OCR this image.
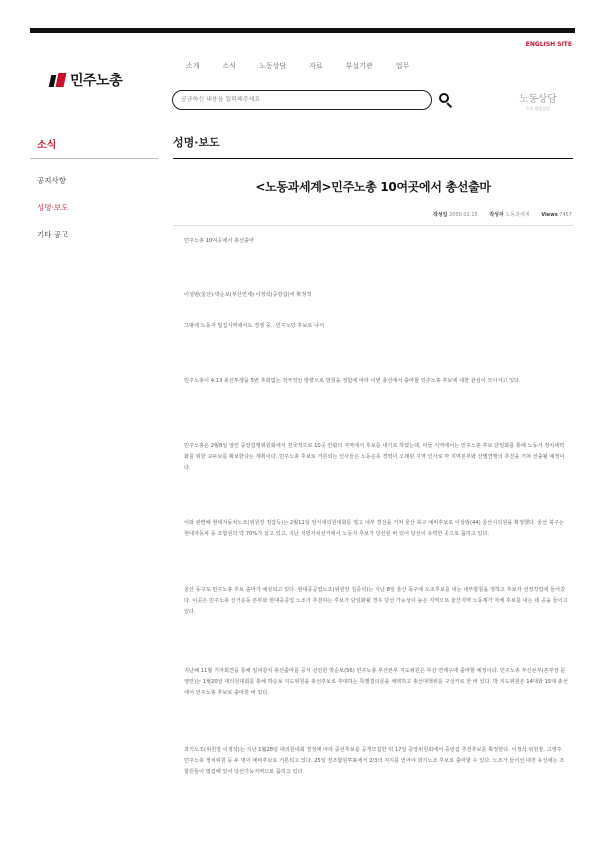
ENGLISH SITE
민주노총
소개	소식	노동상담	자료	부설기관	업무
궁금하신 내용을 입력해주세요
노동상담
무료 법률상담
소식
공지사항
성명·보도
기타 공고
성명·보도
<노동과세계>민주노총 10여곳에서 총선출마
작성일 2000.02.15 작성자 노동과세계 Views 7457

민주노총 10여곳에서 총선출마

이성범(울산)·박순보(부산연제)·이정석(중랑갑)씨 확정적

그밖에 노동자 밀집지역에서도 경쟁 중...민주노당 후보로 나서

민주노총이 4.13 총선투쟁을 5번 후회없는 적극적인 방향으로 방침을 정함에 따라 이번 총선에서 출마할 민주노총 후보에 대한 관심이 모아지고 있다.

민주노총은 2월8일 열린 중앙집행위원회에서 전국적으로 10곳 안팎의 지역에서 후보를 내기로 하였는데, 이들 지역에서는 민주노총 후보 단일화를 통해 노동자 정치세력화를 위한 교두보를 확보한다는 계획이다. 민주노총 후보로 거론되는 인사들은 노동운동 경력이 오래된 지역 인사로 각 지역본부와 산별연맹의 추천을 거쳐 선출될 예정이다.

이와 관련해 현대자동차노조(위원장 정갑득)는 2월11일 임시대의원대회를 열고 내부 경선을 거쳐 울산 북구 예비후보로 이상범(44) 울산시의원을 확정했다. 울산 북구는 현대자동차 등 조합원의 약 70%가 살고 있고, 지난 지방자치선거에서 노동자 후보가 당선된 바 있어 당선이 유력한 곳으로 꼽히고 있다.

울산 동구도 민주노총 후보 출마가 예상되고 있다. 현대중공업노조(위원장 김종석)는 지난 8일 울산 동구에 노조후보를 내는 내부방침을 정하고 후보자 선정작업에 들어갔다. 이곳은 민주노총 선거운동 본부와 현대중공업 노조가 추천하는 후보가 단일화될 경우 당선 가능성이 높은 지역으로 울산지역 노동계가 자체 후보를 내는 데 공을 들이고 있다.

지난해 11월 기자회견을 통해 일찌감치 총선출마를 공식 선언한 박순보(56) 민주노총 부산본부 지도위원은 부산 연제구에 출마할 예정이다. 민주노총 부산본부(본부장 문영만)는 1월20일 대의원대회를 통해 박순보 지도위원을 총선후보로 추대하는 특별결의문을 채택하고 총선대책위를 구성키로 한 바 있다. 박 지도위원은 14대와 15대 총선에서 민주노총 후보로 출마한 바 있다.

과기노조(위원장 이정석)는 지난 1월28일 대의원대회 결정에 따라 중선후보를 공개모집한 뒤 17일 중앙위원회에서 중랑갑 추천후보를 확정한다. 이정석 위원장, 고영주 민주노총 정치위원 등 두 명이 예비후보로 거론되고 있다. 25일 전조합원투표에서 2/3의 지지를 얻어야 과기노조 후보로 출마할 수 있다. 노조가 들어선 대전 유성에는 조합원들이 밀집해 있어 당선가능지역으로 꼽히고 있다.
